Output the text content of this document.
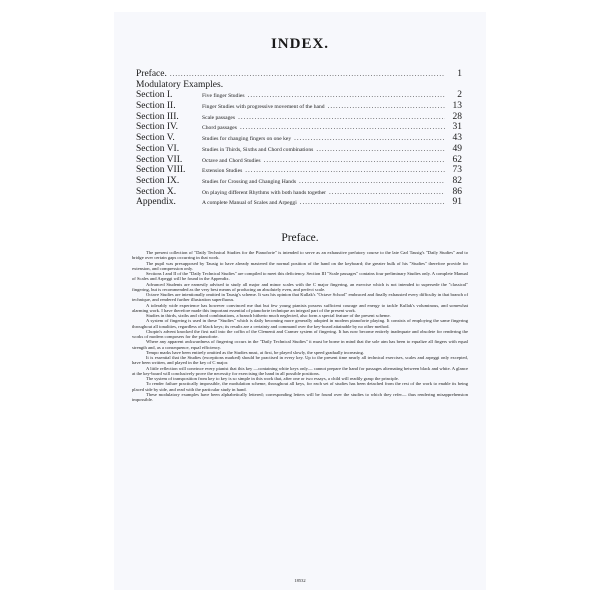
INDEX.
Preface. .....	1
Modulatory Examples.
Section I.	Five finger Studies .....	2
Section II.	Finger Studies with progressive movement of the hand .....	13
Section III.	Scale passages .....	28
Section IV.	Chord passages .....	31
Section V.	Studies for changing fingers on one key .....	43
Section VI.	Studies in Thirds, Sixths and Chord combinations .....	49
Section VII.	Octave and Chord Studies .....	62
Section VIII.	Extension Studies .....	73
Section IX.	Studies for Crossing and Changing Hands .....	82
Section X.	On playing different Rhythms with both hands together .....	86
Appendix.	A complete Manual of Scales and Arpeggi .....	91
Preface.

The present collection of "Daily Technical Studies for the Pianoforte" is intended to serve as an exhaustive prefatory course to the late Carl Tausig's "Daily Studies" and to bridge over certain gaps occurring in that work.

The pupil was presupposed by Tausig to have already mastered the normal position of the hand on the keyboard; the greater bulk of his "Studies" therefore provide for extension, and compression only.

Sections I and II of the "Daily Technical Studies" are compiled to meet this deficiency. Section III "Scale passages" contains four preliminary Studies only. A complete Manual of Scales and Arpeggi will be found in the Appendix.

Advanced Students are earnestly advised to study all major and minor scales with the C major fingering, an exercise which is not intended to supersede the "classical" fingering, but is recommended as the very best means of producing an absolutely even, and perfect scale.

Octave Studies are intentionally omitted in Tausig's scheme. It was his opinion that Kullak's "Octave School" embraced and finally exhausted every difficulty in that branch of technique, and rendered further illustration superfluous.

A tolerably wide experience has however convinced me that but few young pianists possess sufficient courage and energy to tackle Kullak's voluminous, and somewhat alarming work. I have therefore made this important essential of pianoforte technique an integral part of the present work.

Studies in thirds, sixths and chord combinations, a branch hitherto much neglected, also form a special feature of the present scheme.

A system of fingering is used in these "Studies" which is daily becoming more generally adopted in modern pianoforte playing. It consists of employing the same fingering throughout all tonalities, regardless of black keys; its results are a certainty and command over the key-board attainable by no other method.

Chopin's advent knocked the first nail into the coffin of the Clementi and Cramer system of fingering. It has now become entirely inadequate and obsolete for rendering the works of modern composers for the pianoforte.

Where any apparent awkwardness of fingering occurs in the "Daily Technical Studies" it must be borne in mind that the sole aim has been to equalize all fingers with equal strength and, as a consequence, equal efficiency.

Tempo marks have been entirely omitted as the Studies must, at first, be played slowly, the speed gradually increasing.

It is essential that the Studies (exceptions marked) should be practised in every key. Up to the present time nearly all technical exercises, scales and arpeggi only excepted, have been written, and played in the key of C major.

A little reflection will convince every pianist that this key —containing white keys only— cannot prepare the hand for passages alternating between black and white. A glance at the key-board will conclusively prove the necessity for exercising the hand in all possible positions.

The system of transposition from key to key is so simple in this work that, after one or two essays, a child will readily grasp the principle.

To render failure practically impossible, the modulation scheme, throughout all keys, for each set of studies has been detached from the rest of the work to enable its being placed side by side, and read with the particular study in hand.

These modulatory examples have been alphabetically lettered; corresponding letters will be found over the studies to which they refer— thus rendering misapprehension impossible.

18532
